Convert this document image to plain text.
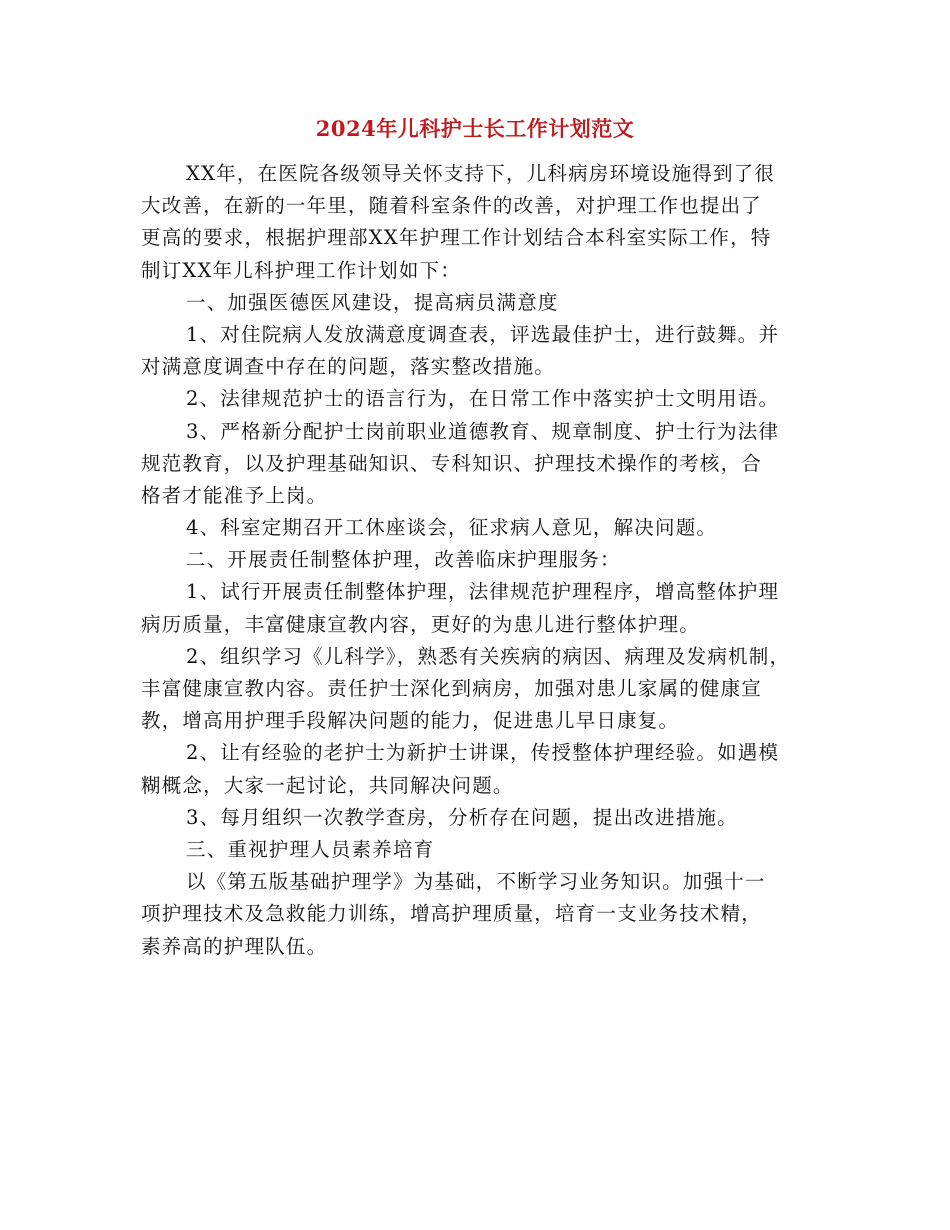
2024年儿科护士长工作计划范文
XX年，在医院各级领导关怀支持下，儿科病房环境设施得到了很
大改善，在新的一年里，随着科室条件的改善，对护理工作也提出了
更高的要求，根据护理部XX年护理工作计划结合本科室实际工作，特
制订XX年儿科护理工作计划如下：
一、加强医德医风建设，提高病员满意度
1、对住院病人发放满意度调查表，评选最佳护士，进行鼓舞。并
对满意度调查中存在的问题，落实整改措施。
2、法律规范护士的语言行为，在日常工作中落实护士文明用语。
3、严格新分配护士岗前职业道德教育、规章制度、护士行为法律
规范教育，以及护理基础知识、专科知识、护理技术操作的考核，合
格者才能准予上岗。
4、科室定期召开工休座谈会，征求病人意见，解决问题。
二、开展责任制整体护理，改善临床护理服务：
1、试行开展责任制整体护理，法律规范护理程序，增高整体护理
病历质量，丰富健康宣教内容，更好的为患儿进行整体护理。
2、组织学习《儿科学》，熟悉有关疾病的病因、病理及发病机制，
丰富健康宣教内容。责任护士深化到病房，加强对患儿家属的健康宣
教，增高用护理手段解决问题的能力，促进患儿早日康复。
2、让有经验的老护士为新护士讲课，传授整体护理经验。如遇模
糊概念，大家一起讨论，共同解决问题。
3、每月组织一次教学查房，分析存在问题，提出改进措施。
三、重视护理人员素养培育
以《第五版基础护理学》为基础，不断学习业务知识。加强十一
项护理技术及急救能力训练，增高护理质量，培育一支业务技术精，
素养高的护理队伍。
